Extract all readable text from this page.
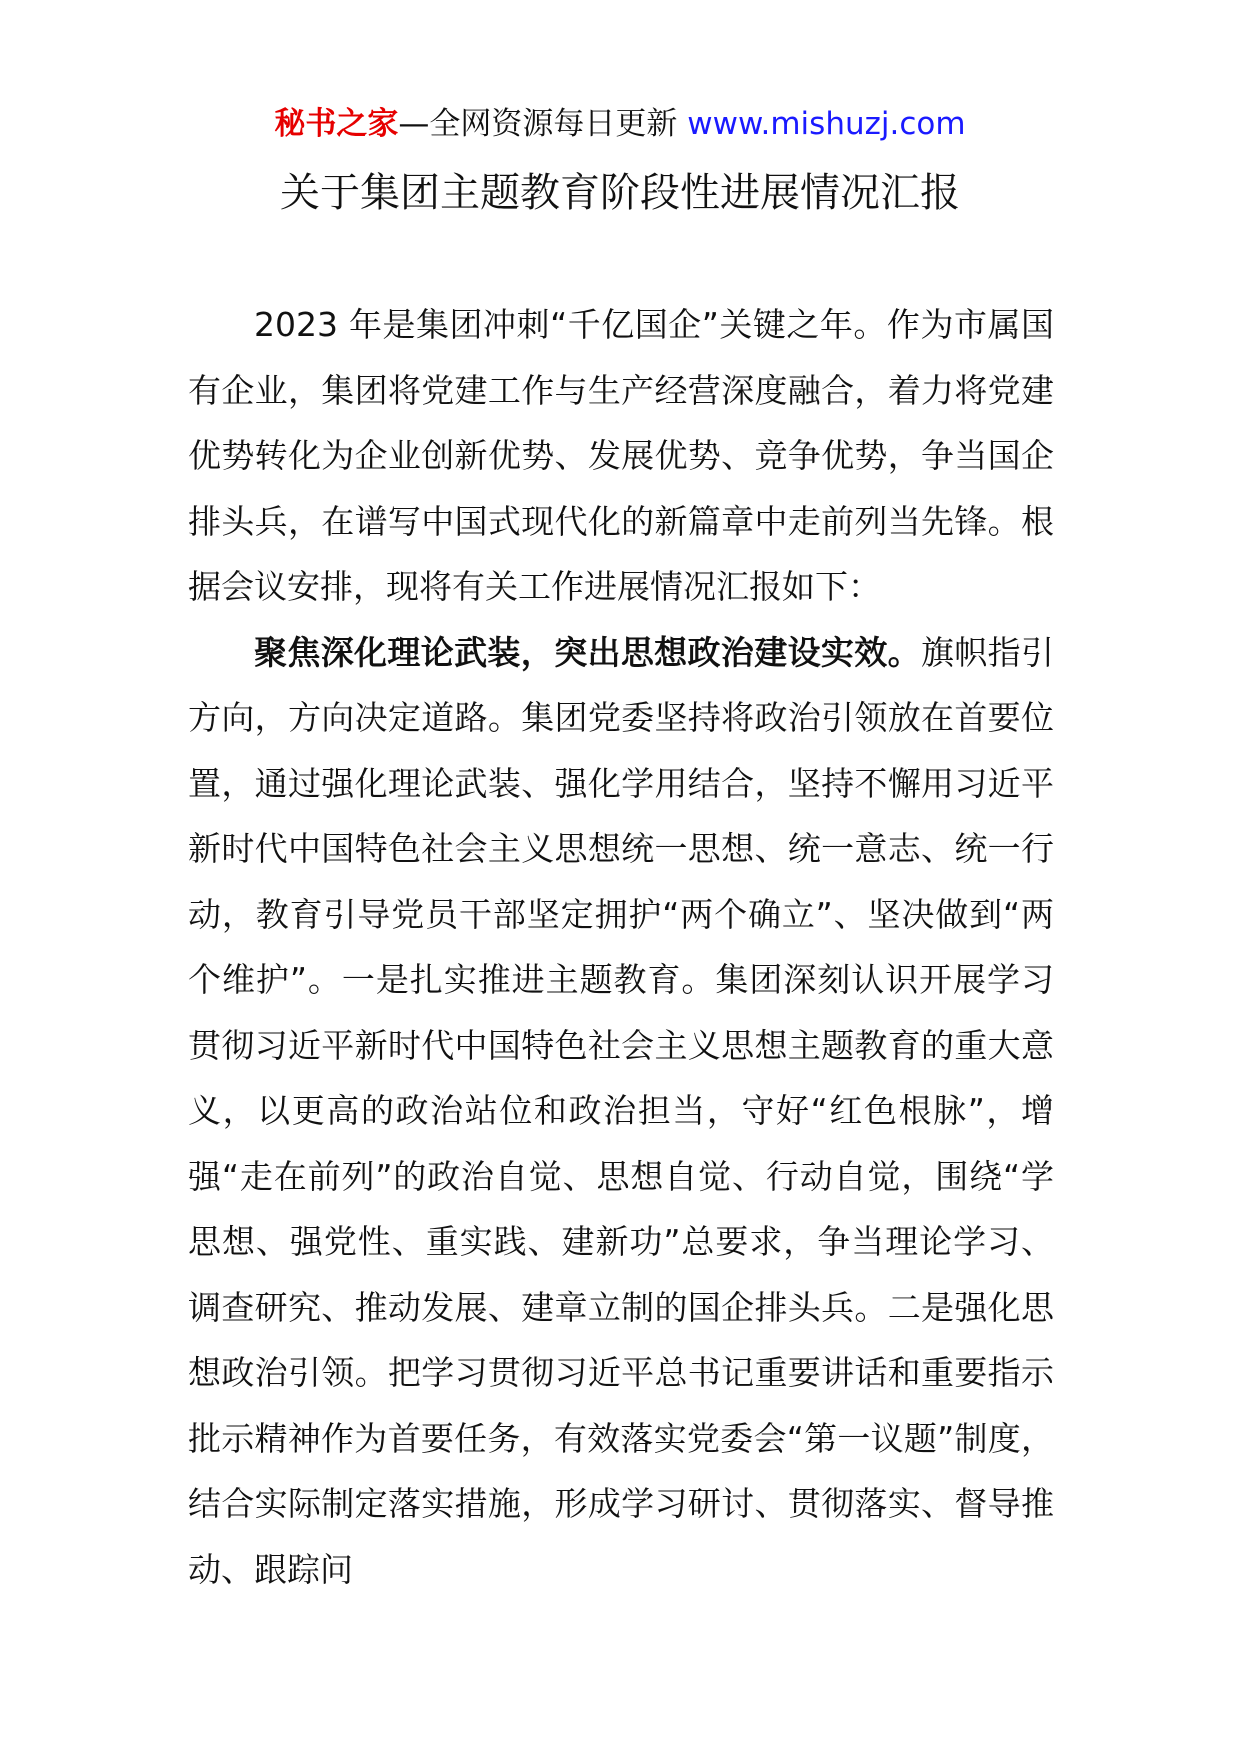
秘书之家—全网资源每日更新 www.mishuzj.com
关于集团主题教育阶段性进展情况汇报

2023 年是集团冲刺“千亿国企”关键之年。作为市属国有企业，集团将党建工作与生产经营深度融合，着力将党建优势转化为企业创新优势、发展优势、竞争优势，争当国企排头兵，在谱写中国式现代化的新篇章中走前列当先锋。根据会议安排，现将有关工作进展情况汇报如下：

聚焦深化理论武装，突出思想政治建设实效。旗帜指引方向，方向决定道路。集团党委坚持将政治引领放在首要位置，通过强化理论武装、强化学用结合，坚持不懈用习近平新时代中国特色社会主义思想统一思想、统一意志、统一行动，教育引导党员干部坚定拥护“两个确立”、坚决做到“两个维护”。一是扎实推进主题教育。集团深刻认识开展学习贯彻习近平新时代中国特色社会主义思想主题教育的重大意义，以更高的政治站位和政治担当，守好“红色根脉”，增强“走在前列”的政治自觉、思想自觉、行动自觉，围绕“学思想、强党性、重实践、建新功”总要求，争当理论学习、调查研究、推动发展、建章立制的国企排头兵。二是强化思想政治引领。把学习贯彻习近平总书记重要讲话和重要指示批示精神作为首要任务，有效落实党委会“第一议题”制度，结合实际制定落实措施，形成学习研讨、贯彻落实、督导推动、跟踪问
